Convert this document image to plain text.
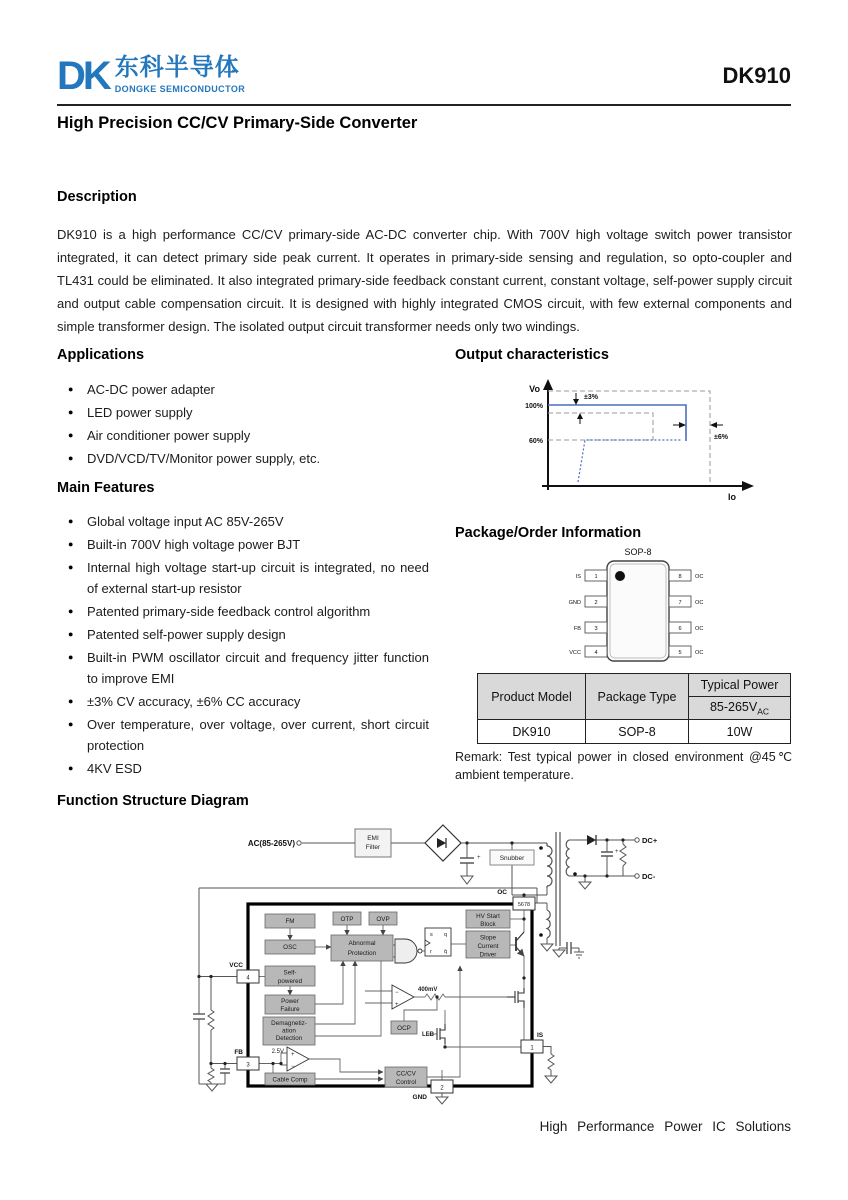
DK 东科半导体
DONGKE SEMICONDUCTOR
DK910
High Precision CC/CV Primary-Side Converter
Description
DK910 is a high performance CC/CV primary-side AC-DC converter chip. With 700V high voltage switch power transistor integrated, it can detect primary side peak current. It operates in primary-side sensing and regulation, so opto-coupler and TL431 could be eliminated. It also integrated primary-side feedback constant current, constant voltage, self-power supply circuit and output cable compensation circuit. It is designed with highly integrated CMOS circuit, with few external components and simple transformer design. The isolated output circuit transformer needs only two windings.
Applications
●	AC-DC power adapter
●	LED power supply
●	Air conditioner power supply
●	DVD/VCD/TV/Monitor power supply, etc.
Main Features
●	Global voltage input AC 85V-265V
●	Built-in 700V high voltage power BJT
●	Internal high voltage start-up circuit is integrated, no need of external start-up resistor
●	Patented primary-side feedback control algorithm
●	Patented self-power supply design
●	Built-in PWM oscillator circuit and frequency jitter function to improve EMI
●	±3% CV accuracy, ±6% CC accuracy
●	Over temperature, over voltage, over current, short circuit protection
●	4KV ESD
Output characteristics
Vo
Io
100%
60%
±3%
±6%
Package/Order Information
SOP-8
1
IS
2
GND
3
FB
4
VCC
8 OC
7 OC
6 OC
5 OC
Product Model	Package Type	Typical Power
		$85-265V_{AC}$
DK910	SOP-8	10W
Remark: Test typical power in closed environment @45℃ ambient temperature.
Function Structure Diagram
AC(85-265V)
EMI
Filter
+
+
Snubber
DC+
DC-
OC
5678
FM	OTP	OVP
OSC
Abnormal
Protection
Self-
powered
Power
Failure
Demagnetiz-
ation
Detection
Cable Comp
OCP
CC/CV
Control
HV Start
Block
Slope
Current
Driver
s q
r q̄
−
+
400mV
+
−
2.5V
LEB
VCC
4
FB
3
GND
2
IS
1
High Performance Power IC Solutions
